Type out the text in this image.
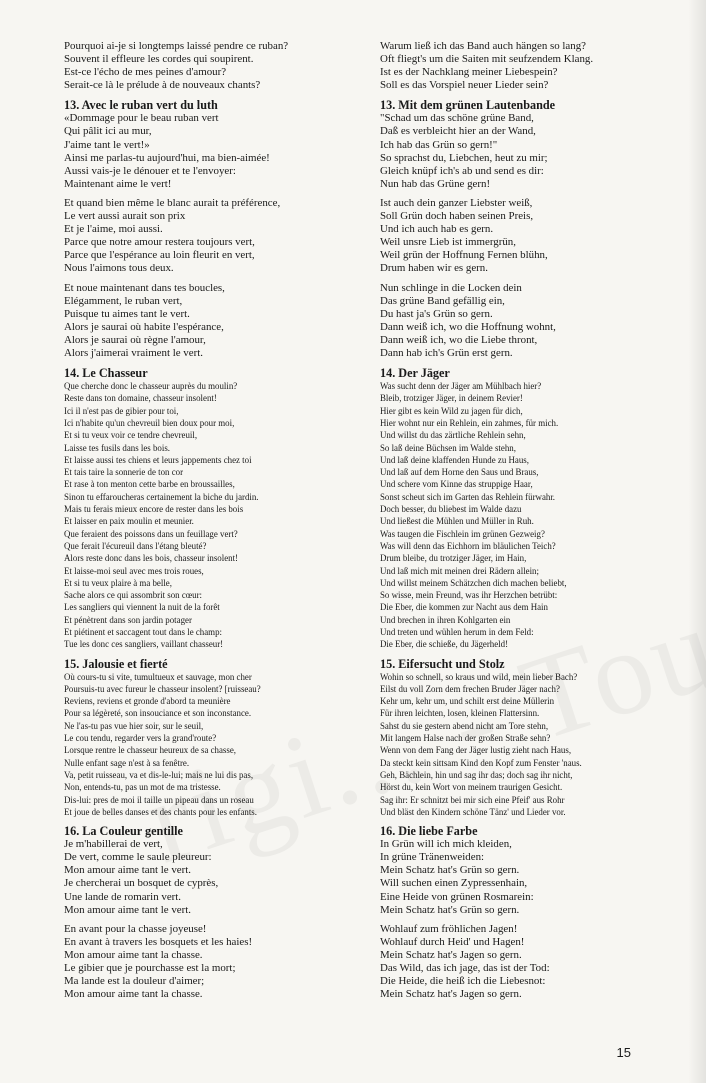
Pourquoi ai-je si longtemps laissé pendre ce ruban?
Souvent il effleure les cordes qui soupirent.
Est-ce l'écho de mes peines d'amour?
Serait-ce là le prélude à de nouveaux chants?
13. Avec le ruban vert du luth
«Dommage pour le beau ruban vert
Qui pâlit ici au mur,
J'aime tant le vert!»
Ainsi me parlas-tu aujourd'hui, ma bien-aimée!
Aussi vais-je le dénouer et te l'envoyer:
Maintenant aime le vert!
Et quand bien même le blanc aurait ta préférence,
Le vert aussi aurait son prix
Et je l'aime, moi aussi.
Parce que notre amour restera toujours vert,
Parce que l'espérance au loin fleurit en vert,
Nous l'aimons tous deux.
Et noue maintenant dans tes boucles,
Elégamment, le ruban vert,
Puisque tu aimes tant le vert.
Alors je saurai où habite l'espérance,
Alors je saurai où règne l'amour,
Alors j'aimerai vraiment le vert.
14. Le Chasseur
Que cherche donc le chasseur auprès du moulin?
Reste dans ton domaine, chasseur insolent!
Ici il n'est pas de gibier pour toi,
Ici n'habite qu'un chevreuil bien doux pour moi,
Et si tu veux voir ce tendre chevreuil,
Laisse tes fusils dans les bois.
Et laisse aussi tes chiens et leurs jappements chez toi
Et tais taire la sonnerie de ton cor
Et rase à ton menton cette barbe en broussailles,
Sinon tu effaroucheras certainement la biche du jardin.
Mais tu ferais mieux encore de rester dans les bois
Et laisser en paix moulin et meunier.
Que feraient des poissons dans un feuillage vert?
Que ferait l'écureuil dans l'étang bleuté?
Alors reste donc dans les bois, chasseur insolent!
Et laisse-moi seul avec mes trois roues,
Et si tu veux plaire à ma belle,
Sache alors ce qui assombrit son cœur:
Les sangliers qui viennent la nuit de la forêt
Et pénètrent dans son jardin potager
Et piétinent et saccagent tout dans le champ:
Tue les donc ces sangliers, vaillant chasseur!
15. Jalousie et fierté
Où cours-tu si vite, tumultueux et sauvage, mon cher
Poursuis-tu avec fureur le chasseur insolent? [ruisseau?
Reviens, reviens et gronde d'abord ta meunière
Pour sa légèreté, son insouciance et son inconstance.
Ne l'as-tu pas vue hier soir, sur le seuil,
Le cou tendu, regarder vers la grand'route?
Lorsque rentre le chasseur heureux de sa chasse,
Nulle enfant sage n'est à sa fenêtre.
Va, petit ruisseau, va et dis-le-lui; mais ne lui dis pas,
Non, entends-tu, pas un mot de ma tristesse.
Dis-lui: pres de moi il taille un pipeau dans un roseau
Et joue de belles danses et des chants pour les enfants.
16. La Couleur gentille
Je m'habillerai de vert,
De vert, comme le saule pleureur:
Mon amour aime tant le vert.
Je chercherai un bosquet de cyprès,
Une lande de romarin vert.
Mon amour aime tant le vert.
En avant pour la chasse joyeuse!
En avant à travers les bosquets et les haies!
Mon amour aime tant la chasse.
Le gibier que je pourchasse est la mort;
Ma lande est la douleur d'aimer;
Mon amour aime tant la chasse.
Warum ließ ich das Band auch hängen so lang?
Oft fliegt's um die Saiten mit seufzendem Klang.
Ist es der Nachklang meiner Liebespein?
Soll es das Vorspiel neuer Lieder sein?
13. Mit dem grünen Lautenbande
"Schad um das schöne grüne Band,
Daß es verbleicht hier an der Wand,
Ich hab das Grün so gern!"
So sprachst du, Liebchen, heut zu mir;
Gleich knüpf ich's ab und send es dir:
Nun hab das Grüne gern!
Ist auch dein ganzer Liebster weiß,
Soll Grün doch haben seinen Preis,
Und ich auch hab es gern.
Weil unsre Lieb ist immergrün,
Weil grün der Hoffnung Fernen blühn,
Drum haben wir es gern.
Nun schlinge in die Locken dein
Das grüne Band gefällig ein,
Du hast ja's Grün so gern.
Dann weiß ich, wo die Hoffnung wohnt,
Dann weiß ich, wo die Liebe thront,
Dann hab ich's Grün erst gern.
14. Der Jäger
Was sucht denn der Jäger am Mühlbach hier?
Bleib, trotziger Jäger, in deinem Revier!
Hier gibt es kein Wild zu jagen für dich,
Hier wohnt nur ein Rehlein, ein zahmes, für mich.
Und willst du das zärtliche Rehlein sehn,
So laß deine Büchsen im Walde stehn,
Und laß deine klaffenden Hunde zu Haus,
Und laß auf dem Horne den Saus und Braus,
Und schere vom Kinne das struppige Haar,
Sonst scheut sich im Garten das Rehlein fürwahr.
Doch besser, du bliebest im Walde dazu
Und ließest die Mühlen und Müller in Ruh.
Was taugen die Fischlein im grünen Gezweig?
Was will denn das Eichhorn im bläulichen Teich?
Drum bleibe, du trotziger Jäger, im Hain,
Und laß mich mit meinen drei Rädern allein;
Und willst meinem Schätzchen dich machen beliebt,
So wisse, mein Freund, was ihr Herzchen betrübt:
Die Eber, die kommen zur Nacht aus dem Hain
Und brechen in ihren Kohlgarten ein
Und treten und wühlen herum in dem Feld:
Die Eber, die schieße, du Jägerheld!
15. Eifersucht und Stolz
Wohin so schnell, so kraus und wild, mein lieber Bach?
Eilst du voll Zorn dem frechen Bruder Jäger nach?
Kehr um, kehr um, und schilt erst deine Müllerin
Für ihren leichten, losen, kleinen Flattersinn.
Sahst du sie gestern abend nicht am Tore stehn,
Mit langem Halse nach der großen Straße sehn?
Wenn von dem Fang der Jäger lustig zieht nach Haus,
Da steckt kein sittsam Kind den Kopf zum Fenster 'naus.
Geh, Bächlein, hin und sag ihr das; doch sag ihr nicht,
Hörst du, kein Wort von meinem traurigen Gesicht.
Sag ihr: Er schnitzt bei mir sich eine Pfeif' aus Rohr
Und bläst den Kindern schöne Tänz' und Lieder vor.
16. Die liebe Farbe
In Grün will ich mich kleiden,
In grüne Tränenweiden:
Mein Schatz hat's Grün so gern.
Will suchen einen Zypressenhain,
Eine Heide von grünen Rosmarein:
Mein Schatz hat's Grün so gern.
Wohlauf zum fröhlichen Jagen!
Wohlauf durch Heid' und Hagen!
Mein Schatz hat's Jagen so gern.
Das Wild, das ich jage, das ist der Tod:
Die Heide, die heiß ich die Liebesnot:
Mein Schatz hat's Jagen so gern.
15
